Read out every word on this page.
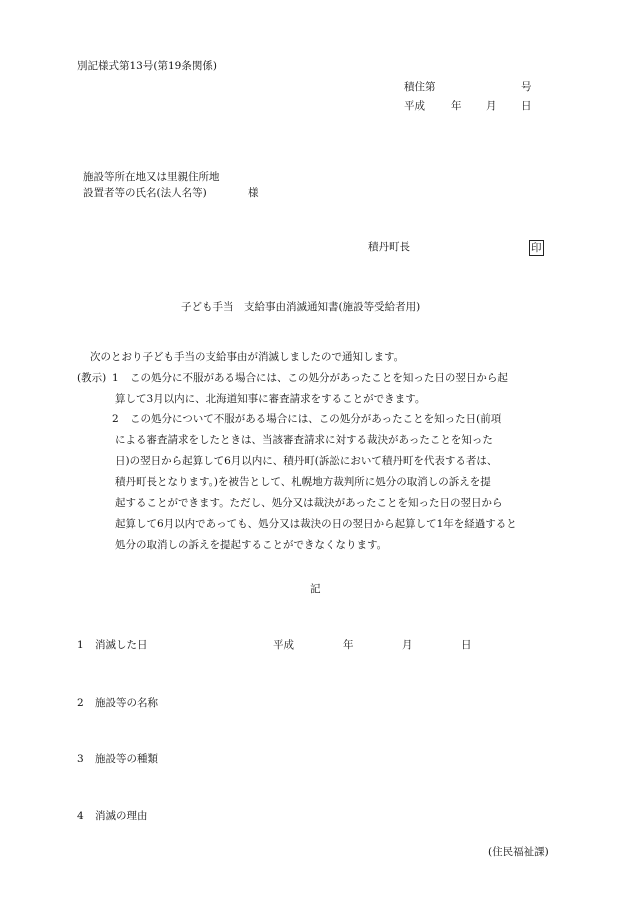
別記様式第13号(第19条関係)
積住第	号
平成 年 月 日
施設等所在地又は里親住所地
設置者等の氏名(法人名等)	様
積丹町長	印
子ども手当　支給事由消滅通知書(施設等受給者用)
次のとおり子ども手当の支給事由が消滅しましたので通知します。
(教示) 1 この処分に不服がある場合には、この処分があったことを知った日の翌日から起
算して3月以内に、北海道知事に審査請求をすることができます。
2 この処分について不服がある場合には、この処分があったことを知った日(前項
による審査請求をしたときは、当該審査請求に対する裁決があったことを知った
日)の翌日から起算して6月以内に、積丹町(訴訟において積丹町を代表する者は、
積丹町長となります。)を被告として、札幌地方裁判所に処分の取消しの訴えを提
起することができます。ただし、処分又は裁決があったことを知った日の翌日から
起算して6月以内であっても、処分又は裁決の日の翌日から起算して1年を経過すると
処分の取消しの訴えを提起することができなくなります。
記
1 消滅した日	平成	年	月	日
2 施設等の名称
3 施設等の種類
4 消滅の理由
(住民福祉課)
